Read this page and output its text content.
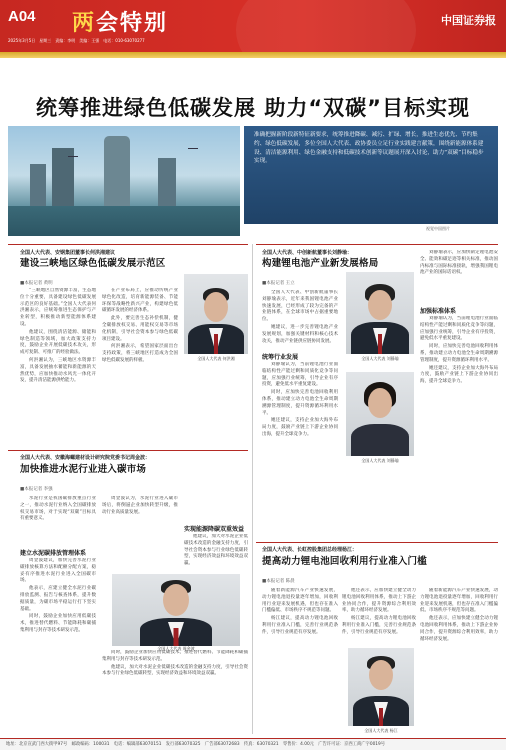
A04 两会特别	中国证券报
2025年3月5日　星期三　责编：李明　美编：王强　电话：010-63070277
统筹推进绿色低碳发展 助力“双碳”目标实现
准确把握新阶段新特征新要求，统筹推进降碳、减污、扩绿、增长，推进生态优先、节约集约、绿色低碳发展，多位全国人大代表、政协委员立足行业实践建言献策，围绕新能源体系建设、清洁能源利用、绿色金融支持和低碳技术创新等议题展开深入讨论，助力“双碳”目标稳步实现。
视觉中国图片
全国人大代表、安钢集团董事长何洪湘建议
建设三峡地区绿色低碳发展示范区
■本报记者 黄明

“三峡地区自然资源丰富，生态地位十分重要，具备建设绿色低碳发展示范区的良好基础。”全国人大代表何洪湘表示，应统筹推进生态保护与产业转型，积极推动新型能源体系建设。

他建议，围绕清洁能源、储能和绿色制造等领域，加大政策支持力度，鼓励企业开展低碳技术攻关，形成可复制、可推广的经验做法。

何洪湘认为，三峡地区水资源丰富，具备发展抽水蓄能和新能源的天然优势，应加快推动水风光一体化开发，提升清洁能源供给能力。

在产业布局上，应推动传统产业绿色化改造，培育新能源装备、节能环保等战略性新兴产业，构建绿色低碳循环发展的经济体系。

此外，要完善生态补偿机制，健全碳排放权交易、用能权交易等市场化机制，引导社会资本参与绿色低碳项目建设。

何洪湘表示，希望国家层面出台支持政策，将三峡地区打造成为全国绿色低碳发展的样板。	全国人大代表 何洪湘
全国人大代表、中创新航董事长刘静瑜：
构建锂电池产业新发展格局
■本报记者 王立

全国人大代表、中创新航董事长刘静瑜表示，近年来我国锂电池产业快速发展，已经形成了较为完备的产业链体系，在全球市场中占据重要地位。

她建议，进一步完善锂电池产业发展规划，加强关键材料和核心技术攻关，推动产业链供应链协同发展。

统筹行业发展

刘静瑜认为，当前锂电池行业面临结构性产能过剩和同质化竞争等问题，应加强行业统筹，引导企业有序投资，避免低水平重复建设。

同时，应加快完善电池回收利用体系，推动建立动力电池全生命周期溯源管理制度，提升资源循环利用水平。

她还建议，支持企业加大海外布局力度，鼓励产业链上下游企业协同出海，提升全球竞争力。

刘静瑜表示，应加快制定锂电池安全、能效和碳足迹等相关标准，推动国内标准与国际标准接轨，增强我国锂电池产业的国际话语权。

加强标准体系

刘静瑜认为，当前锂电池行业面临结构性产能过剩和同质化竞争等问题，应加强行业统筹，引导企业有序投资，避免低水平重复建设。

同时，应加快完善电池回收利用体系，推动建立动力电池全生命周期溯源管理制度，提升资源循环利用水平。

她还建议，支持企业加大海外布局力度，鼓励产业链上下游企业协同出海，提升全球竞争力。

全国人大代表 刘静瑜
全国人大代表 刘静瑜
全国人大代表、安徽海螺建材设计研究院党委书记周金波：
加快推进水泥行业进入碳市场
■本报记者 李强

水泥行业是我国碳排放重点行业之一，推动水泥行业纳入全国碳排放权交易市场，对于实现“双碳”目标具有重要意义。

建立水泥碳排放管理体系

周金波建议，加快完善水泥行业碳排放核算方法和配额分配方案，稳妥有序推进水泥行业进入全国碳市场。

他表示，应建立健全水泥行业碳排放监测、报告与核查体系，提升数据质量，为碳市场平稳运行打下坚实基础。

同时，鼓励企业加快应用低碳技术，推进替代燃料、节能降耗和碳捕集利用与封存等技术研发示范。

周金波认为，水泥行业进入碳市场后，将倒逼企业加快转型升级，推动行业高质量发展。

实现能源降碳双重效益

他建议，加大对水泥企业低碳技术改造的金融支持力度，引导社会资本参与行业绿色低碳转型，实现经济效益和环境效益双赢。

同时，鼓励企业加快应用低碳技术，推进替代燃料、节能降耗和碳捕集利用与封存等技术研发示范。

他建议，加大对水泥企业低碳技术改造的金融支持力度，引导社会资本参与行业绿色低碳转型，实现经济效益和环境效益双赢。

全国人大代表 周金波
全国人大代表、长虹控股集团总经理杨江：
提高动力锂电池回收利用行业准入门槛
■本报记者 陈晨

随着新能源汽车产业快速发展，动力锂电池退役量逐年增加，回收利用行业迎来发展机遇，但也存在准入门槛偏低、市场秩序不规范等问题。

杨江建议，提高动力锂电池回收利用行业准入门槛，完善行业规范条件，引导行业规范有序发展。

他还表示，应加快建立健全动力锂电池回收利用体系，推动上下游企业协同合作，提升资源综合利用效率，助力循环经济发展。

杨江建议，提高动力锂电池回收利用行业准入门槛，完善行业规范条件，引导行业规范有序发展。

随着新能源汽车产业快速发展，动力锂电池退役量逐年增加，回收利用行业迎来发展机遇，但也存在准入门槛偏低、市场秩序不规范等问题。

他还表示，应加快建立健全动力锂电池回收利用体系，推动上下游企业协同合作，提升资源综合利用效率，助力循环经济发展。

全国人大代表 杨江
地址：北京宣武门西大街甲97号　邮政编码：100031　电话：编辑部63070151　发行部63070325　广告部63072683　传真：63070321　零售价：4.00元　广告许可证：京西工商广字0019号
